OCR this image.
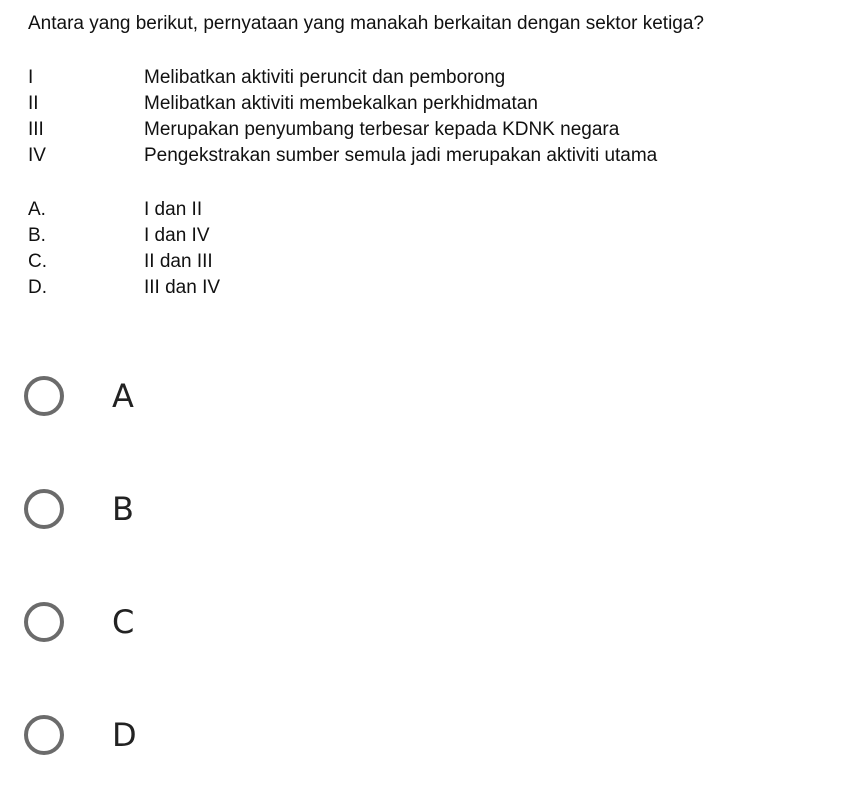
Antara yang berikut, pernyataan yang manakah berkaitan dengan sektor ketiga?
I	Melibatkan aktiviti peruncit dan pemborong
II	Melibatkan aktiviti membekalkan perkhidmatan
III	Merupakan penyumbang terbesar kepada KDNK negara
IV	Pengekstrakan sumber semula jadi merupakan aktiviti utama
A.	I dan II
B.	I dan IV
C.	II dan III
D.	III dan IV
A
B
C
D
